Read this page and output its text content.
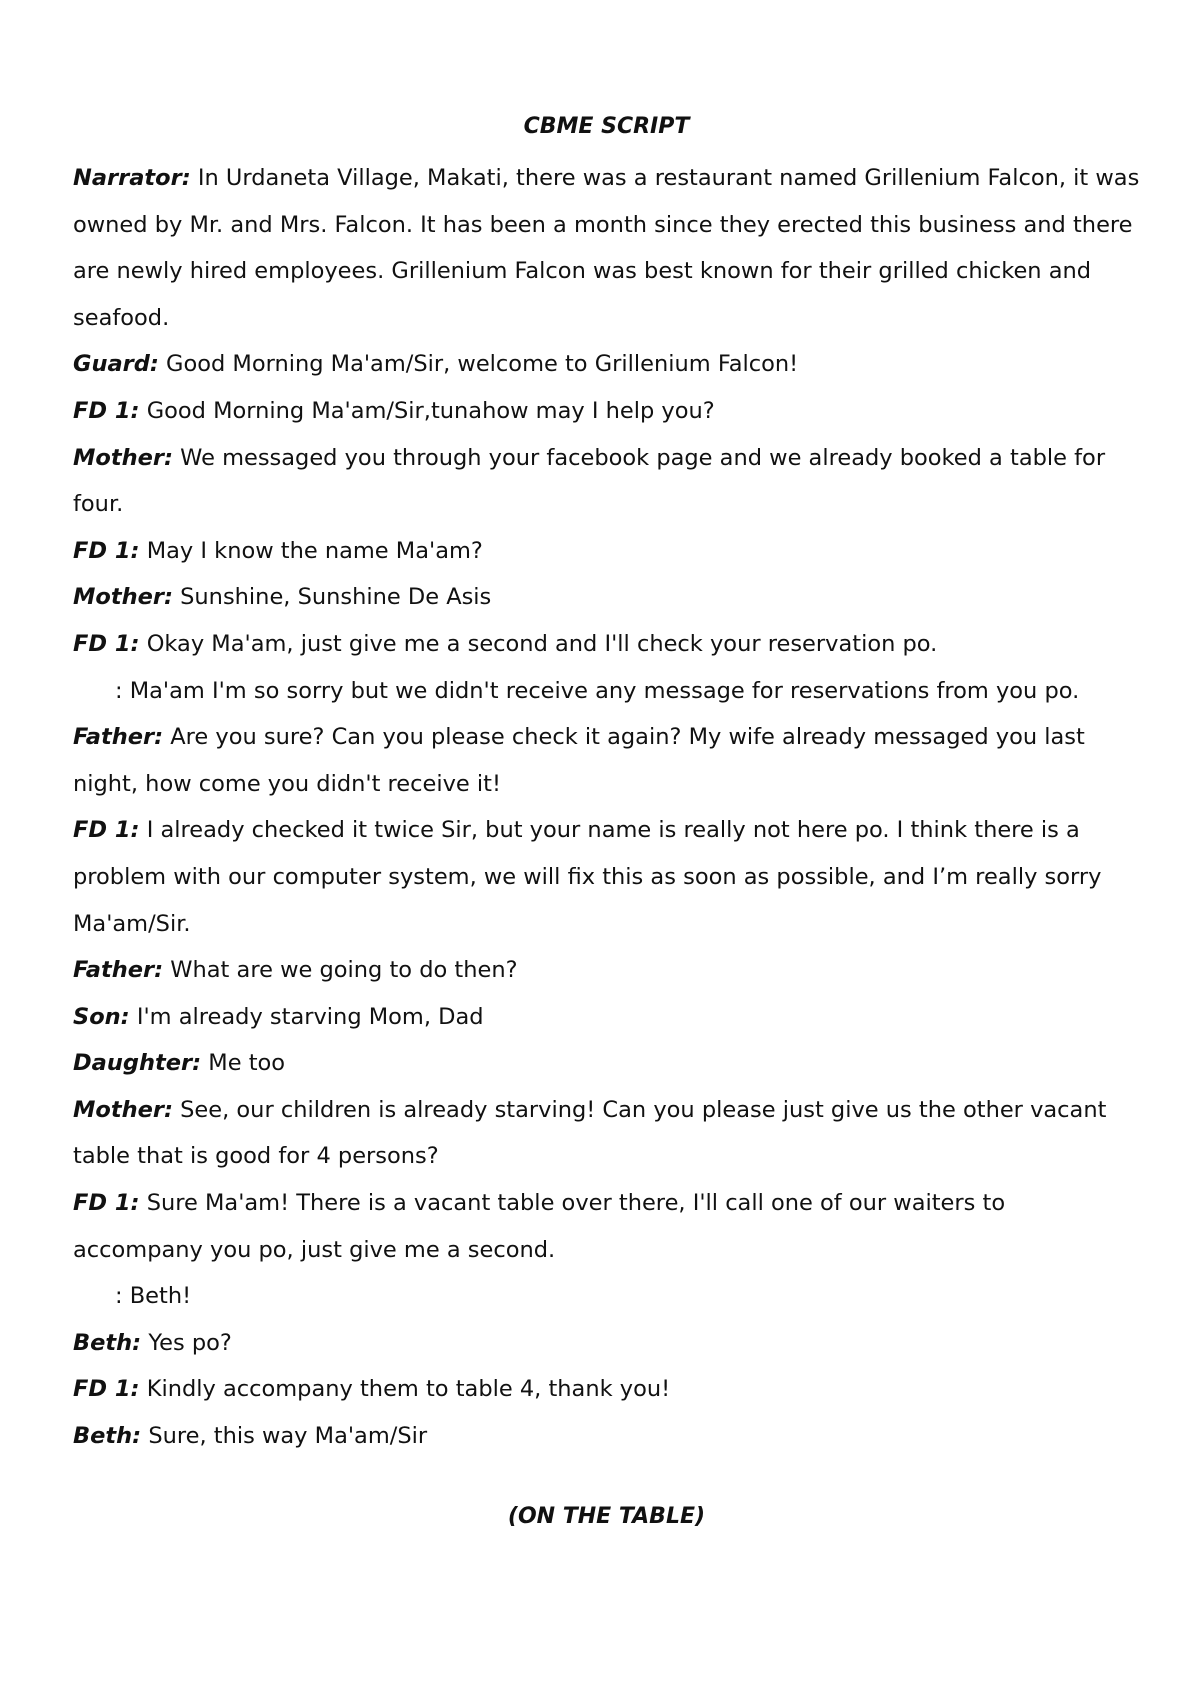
CBME SCRIPT

Narrator: In Urdaneta Village, Makati, there was a restaurant named Grillenium Falcon, it was owned by Mr. and Mrs. Falcon. It has been a month since they erected this business and there are newly hired employees. Grillenium Falcon was best known for their grilled chicken and seafood.

Guard: Good Morning Ma'am/Sir, welcome to Grillenium Falcon!

FD 1: Good Morning Ma'am/Sir,tunahow may I help you?

Mother: We messaged you through your facebook page and we already booked a table for four.

FD 1: May I know the name Ma'am?

Mother: Sunshine, Sunshine De Asis

FD 1: Okay Ma'am, just give me a second and I'll check your reservation po.

: Ma'am I'm so sorry but we didn't receive any message for reservations from you po.

Father: Are you sure? Can you please check it again? My wife already messaged you last night, how come you didn't receive it!

FD 1: I already checked it twice Sir, but your name is really not here po. I think there is a problem with our computer system, we will fix this as soon as possible, and I’m really sorry Ma'am/Sir.

Father: What are we going to do then?

Son: I'm already starving Mom, Dad

Daughter: Me too

Mother: See, our children is already starving! Can you please just give us the other vacant table that is good for 4 persons?

FD 1: Sure Ma'am! There is a vacant table over there, I'll call one of our waiters to accompany you po, just give me a second.

: Beth!

Beth: Yes po?

FD 1: Kindly accompany them to table 4, thank you!

Beth: Sure, this way Ma'am/Sir

(ON THE TABLE)
